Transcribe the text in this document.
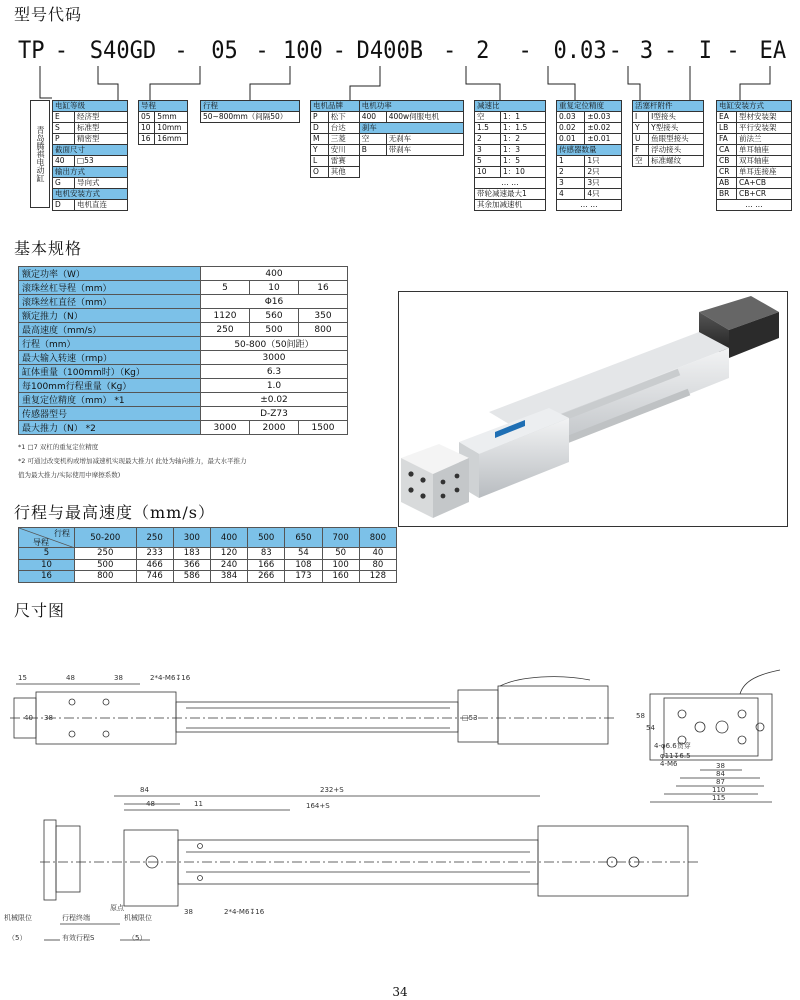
型号代码
TP - S40GD - 05 - 100 - D400B - 2 - 0.03 - 3 - I - EA
青岛腾祺电动缸
电缸等级	
E	经济型
S	标准型
P	精密型
截面尺寸	
40	□53
输出方式	
G	导向式
电机安装方式	
D	电机直连
导程	
05	5mm
10	10mm
16	16mm
行程
50~800mm（间隔50）
电机品牌		电机功率	
P	松下	400	400w伺服电机
D	台达	刹车	
M	三菱	空	无刹车
Y	安川	B	带刹车
L	雷赛		
O	其他		
减速比	
空	1：1
1.5	1：1.5
2	1：2
3	1：3
5	1：5
10	1：10
… …	
带轮减速最大1	
其余加减速机	
重复定位精度	
0.03	±0.03
0.02	±0.02
0.01	±0.01
传感器数量	
1	1只
2	2只
3	3只
4	4只
… …	
活塞杆附件	
I	I型接头
Y	Y型接头
U	鱼眼型接头
F	浮动接头
空	标准螺纹
电缸安装方式	
EA	型材安装架
LB	平行安装架
FA	前法兰
CA	单耳轴座
CB	双耳轴座
CR	单耳连接座
AB	CA+CB
BR	CB+CR
… …	
基本规格
额定功率（W）	400		
滚珠丝杠导程（mm）	5	10	16
滚珠丝杠直径（mm）	Φ16		
额定推力（N）	1120	560	350
最高速度（mm/s）	250	500	800
行程（mm）	50-800（50间距）		
最大输入转速（rmp）	3000		
缸体重量（100mm时）（Kg）	6.3		
每100mm行程重量（Kg）	1.0		
重复定位精度（mm） *1	±0.02		
传感器型号	D-Z73		
最大推力（N） *2	3000	2000	1500
*1 □7 双杠的重复定位精度
*2 可通过改变机构或增加减速机实现最大推力( 此处为轴向推力，最大水平推力
值为最大推力/实际使用中摩擦系数)
行程与最高速度（mm/s）
行程
导程	50-200	250	300	400	500	650	700	800
5	250	233	183	120	83	54	50	40
10	500	466	366	240	166	108	100	80
16	800	746	586	384	266	173	160	128
尺寸图
15	48	38	2*4-M6↧16
□53
40 38	58
54
4-φ6.6贯穿
φ11↧6.5
4-M6	38
84
87
110
115
84	232+S
48	11	164+S
38	2*4-M6↧16
机械限位
（5）
行程终端
有效行程S
原点
机械限位
（5）
34
